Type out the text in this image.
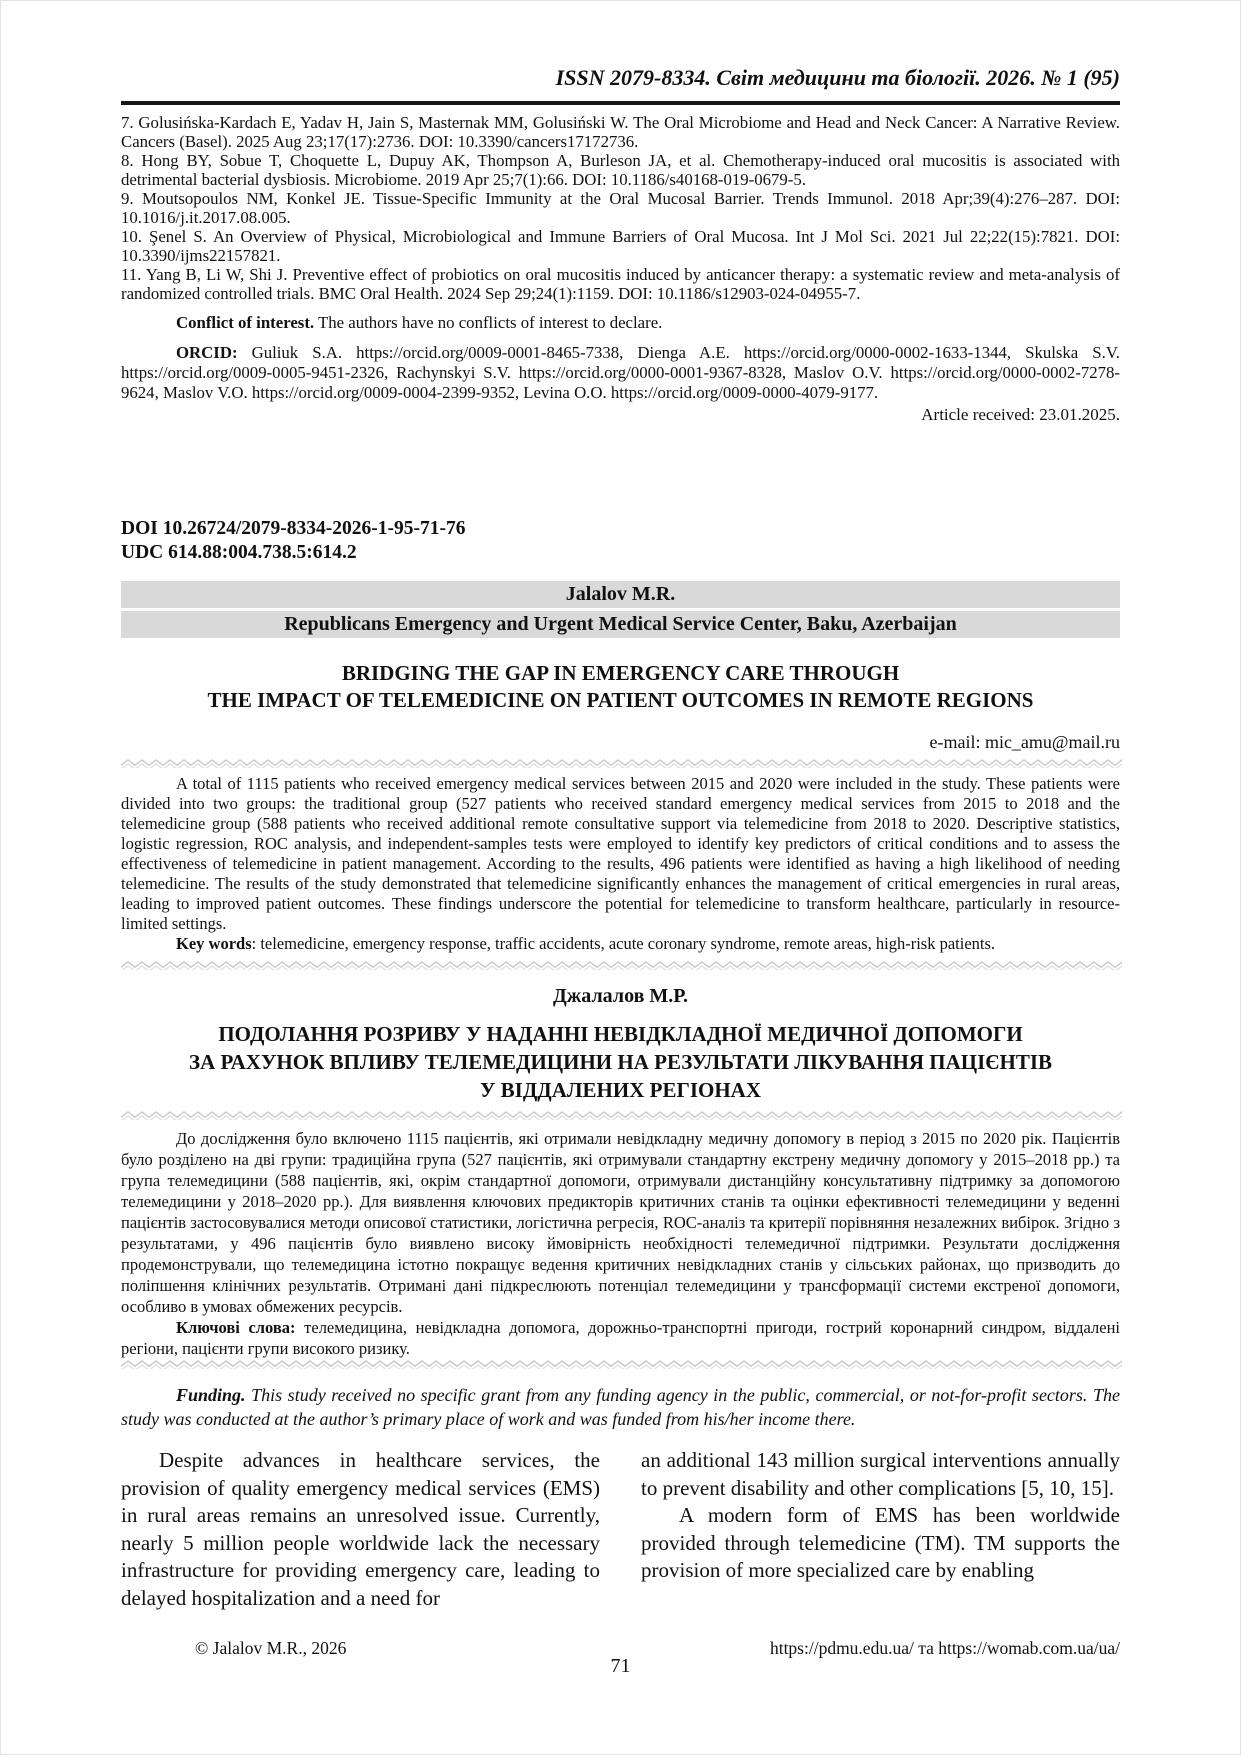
ISSN 2079-8334. Світ медицини та біології. 2026. № 1 (95)

7. Golusińska-Kardach E, Yadav H, Jain S, Masternak MM, Golusiński W. The Oral Microbiome and Head and Neck Cancer: A Narrative Review. Cancers (Basel). 2025 Aug 23;17(17):2736. DOI: 10.3390/cancers17172736.

8. Hong BY, Sobue T, Choquette L, Dupuy AK, Thompson A, Burleson JA, et al. Chemotherapy-induced oral mucositis is associated with detrimental bacterial dysbiosis. Microbiome. 2019 Apr 25;7(1):66. DOI: 10.1186/s40168-019-0679-5.

9. Moutsopoulos NM, Konkel JE. Tissue-Specific Immunity at the Oral Mucosal Barrier. Trends Immunol. 2018 Apr;39(4):276–287. DOI: 10.1016/j.it.2017.08.005.

10. Şenel S. An Overview of Physical, Microbiological and Immune Barriers of Oral Mucosa. Int J Mol Sci. 2021 Jul 22;22(15):7821. DOI: 10.3390/ijms22157821.

11. Yang B, Li W, Shi J. Preventive effect of probiotics on oral mucositis induced by anticancer therapy: a systematic review and meta-analysis of randomized controlled trials. BMC Oral Health. 2024 Sep 29;24(1):1159. DOI: 10.1186/s12903-024-04955-7.

Conflict of interest. The authors have no conflicts of interest to declare.

ORCID: Guliuk S.A. https://orcid.org/0009-0001-8465-7338, Dienga A.E. https://orcid.org/0000-0002-1633-1344, Skulska S.V. https://orcid.org/0009-0005-9451-2326, Rachynskyi S.V. https://orcid.org/0000-0001-9367-8328, Maslov O.V. https://orcid.org/0000-0002-7278-9624, Maslov V.O. https://orcid.org/0009-0004-2399-9352, Levina O.O. https://orcid.org/0009-0000-4079-9177.

Article received: 23.01.2025.

DOI 10.26724/2079-8334-2026-1-95-71-76
UDC 614.88:004.738.5:614.2
Jalalov M.R.
Republicans Emergency and Urgent Medical Service Center, Baku, Azerbaijan
BRIDGING THE GAP IN EMERGENCY CARE THROUGH
THE IMPACT OF TELEMEDICINE ON PATIENT OUTCOMES IN REMOTE REGIONS

e-mail: mic_amu@mail.ru

A total of 1115 patients who received emergency medical services between 2015 and 2020 were included in the study. These patients were divided into two groups: the traditional group (527 patients who received standard emergency medical services from 2015 to 2018 and the telemedicine group (588 patients who received additional remote consultative support via telemedicine from 2018 to 2020. Descriptive statistics, logistic regression, ROC analysis, and independent-samples tests were employed to identify key predictors of critical conditions and to assess the effectiveness of telemedicine in patient management. According to the results, 496 patients were identified as having a high likelihood of needing telemedicine. The results of the study demonstrated that telemedicine significantly enhances the management of critical emergencies in rural areas, leading to improved patient outcomes. These findings underscore the potential for telemedicine to transform healthcare, particularly in resource-limited settings.

Key words: telemedicine, emergency response, traffic accidents, acute coronary syndrome, remote areas, high-risk patients.

Джалалов М.Р.
ПОДОЛАННЯ РОЗРИВУ У НАДАННІ НЕВІДКЛАДНОЇ МЕДИЧНОЇ ДОПОМОГИ
ЗА РАХУНОК ВПЛИВУ ТЕЛЕМЕДИЦИНИ НА РЕЗУЛЬТАТИ ЛІКУВАННЯ ПАЦІЄНТІВ
У ВІДДАЛЕНИХ РЕГІОНАХ

До дослідження було включено 1115 пацієнтів, які отримали невідкладну медичну допомогу в період з 2015 по 2020 рік. Пацієнтів було розділено на дві групи: традиційна група (527 пацієнтів, які отримували стандартну екстрену медичну допомогу у 2015–2018 рр.) та група телемедицини (588 пацієнтів, які, окрім стандартної допомоги, отримували дистанційну консультативну підтримку за допомогою телемедицини у 2018–2020 рр.). Для виявлення ключових предикторів критичних станів та оцінки ефективності телемедицини у веденні пацієнтів застосовувалися методи описової статистики, логістична регресія, ROC-аналіз та критерії порівняння незалежних вибірок. Згідно з результатами, у 496 пацієнтів було виявлено високу ймовірність необхідності телемедичної підтримки. Результати дослідження продемонстрували, що телемедицина істотно покращує ведення критичних невідкладних станів у сільських районах, що призводить до поліпшення клінічних результатів. Отримані дані підкреслюють потенціал телемедицини у трансформації системи екстреної допомоги, особливо в умовах обмежених ресурсів.

Ключові слова: телемедицина, невідкладна допомога, дорожньо-транспортні пригоди, гострий коронарний синдром, віддалені регіони, пацієнти групи високого ризику.

Funding. This study received no specific grant from any funding agency in the public, commercial, or not-for-profit sectors. The study was conducted at the author’s primary place of work and was funded from his/her income there.

Despite advances in healthcare services, the provision of quality emergency medical services (EMS) in rural areas remains an unresolved issue. Currently, nearly 5 million people worldwide lack the necessary infrastructure for providing emergency care, leading to delayed hospitalization and a need for

an additional 143 million surgical interventions annually to prevent disability and other complications [5, 10, 15].

A modern form of EMS has been worldwide provided through telemedicine (TM). TM supports the provision of more specialized care by enabling

© Jalalov M.R., 2026	https://pdmu.edu.ua/ та https://womab.com.ua/ua/
71
